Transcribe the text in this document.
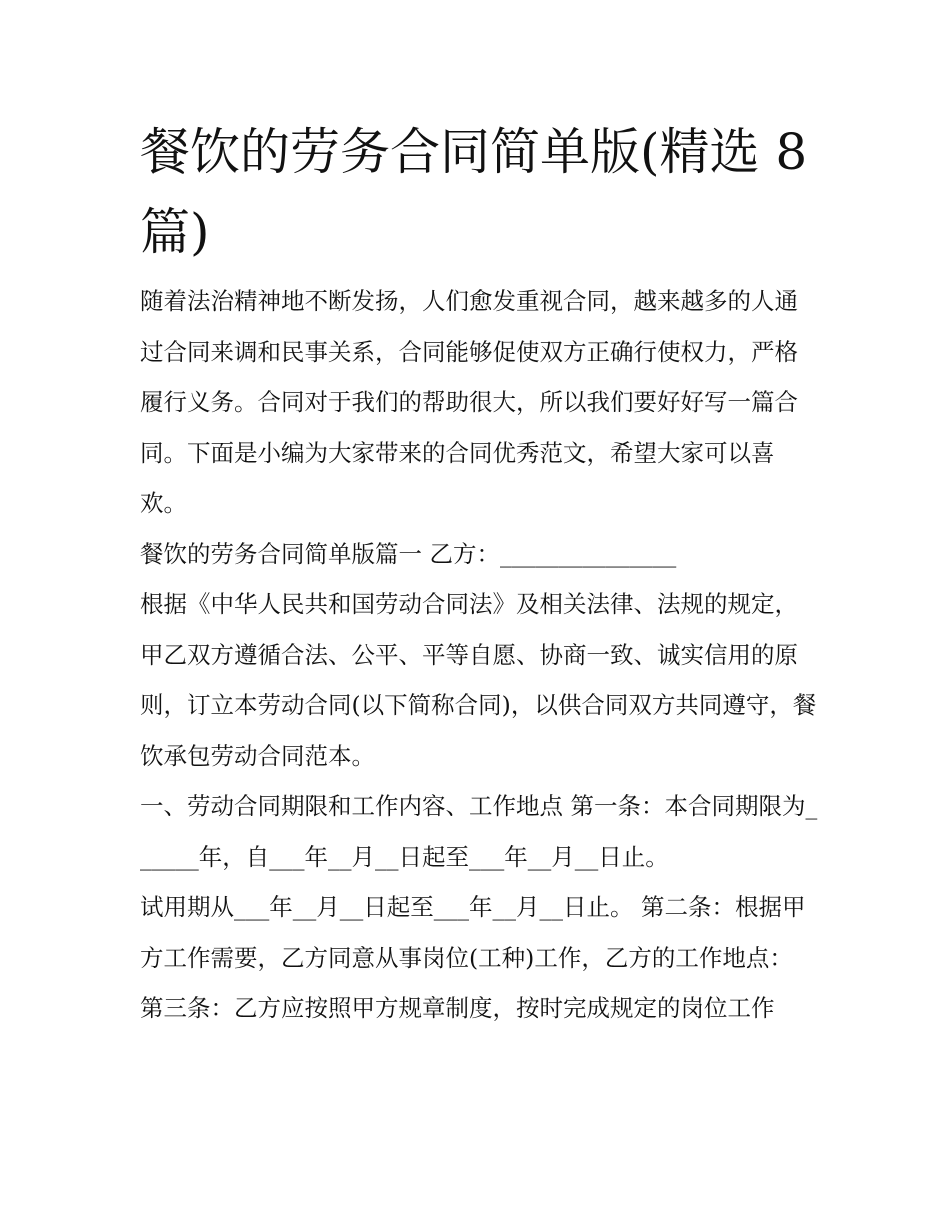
餐饮的劳务合同简单版(精选 8 篇)

随着法治精神地不断发扬，人们愈发重视合同，越来越多的人通过合同来调和民事关系，合同能够促使双方正确行使权力，严格履行义务。合同对于我们的帮助很大，所以我们要好好写一篇合同。下面是小编为大家带来的合同优秀范文，希望大家可以喜欢。

餐饮的劳务合同简单版篇一 乙方：_______________

根据《中华人民共和国劳动合同法》及相关法律、法规的规定，甲乙双方遵循合法、公平、平等自愿、协商一致、诚实信用的原则，订立本劳动合同(以下简称合同)，以供合同双方共同遵守，餐饮承包劳动合同范本。

一、劳动合同期限和工作内容、工作地点 第一条：本合同期限为______年，自___年__月__日起至___年__月__日止。

试用期从___年__月__日起至___年__月__日止。 第二条：根据甲方工作需要，乙方同意从事岗位(工种)工作，乙方的工作地点：

第三条：乙方应按照甲方规章制度，按时完成规定的岗位工作
